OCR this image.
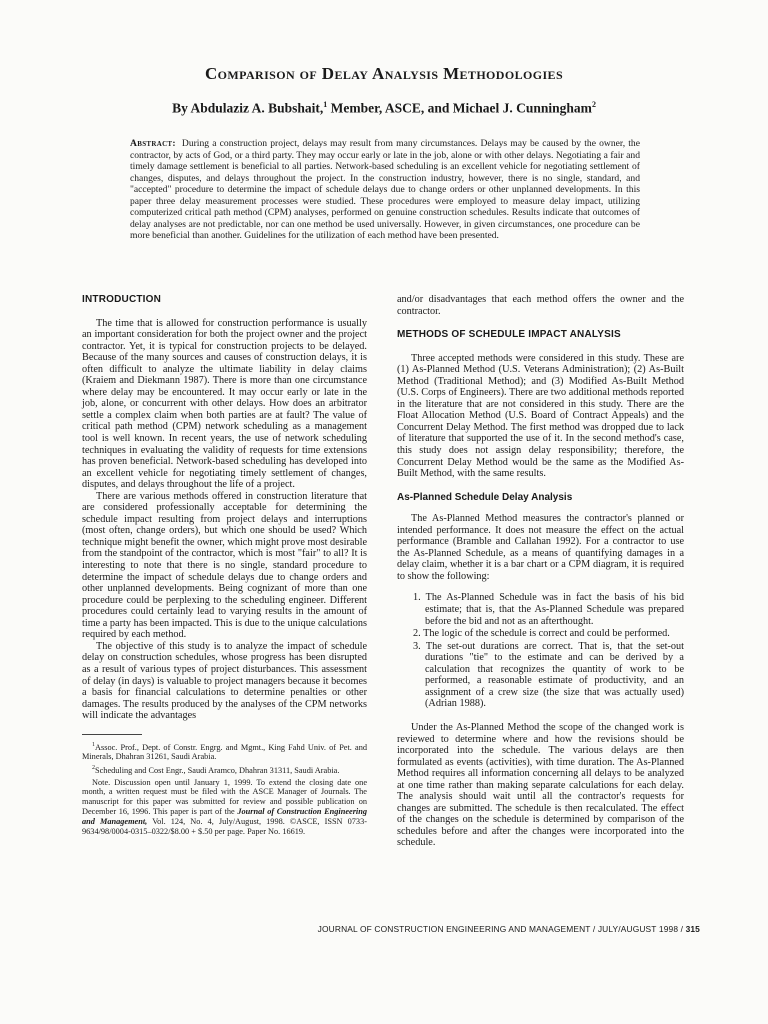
Comparison of Delay Analysis Methodologies
By Abdulaziz A. Bubshait,$^1$ Member, ASCE, and Michael J. Cunningham$^2$
Abstract: During a construction project, delays may result from many circumstances. Delays may be caused by the owner, the contractor, by acts of God, or a third party. They may occur early or late in the job, alone or with other delays. Negotiating a fair and timely damage settlement is beneficial to all parties. Network-based scheduling is an excellent vehicle for negotiating settlement of changes, disputes, and delays throughout the project. In the construction industry, however, there is no single, standard, and "accepted" procedure to determine the impact of schedule delays due to change orders or other unplanned developments. In this paper three delay measurement processes were studied. These procedures were employed to measure delay impact, utilizing computerized critical path method (CPM) analyses, performed on genuine construction schedules. Results indicate that outcomes of delay analyses are not predictable, nor can one method be used universally. However, in given circumstances, one procedure can be more beneficial than another. Guidelines for the utilization of each method have been presented.
INTRODUCTION

The time that is allowed for construction performance is usually an important consideration for both the project owner and the project contractor. Yet, it is typical for construction projects to be delayed. Because of the many sources and causes of construction delays, it is often difficult to analyze the ultimate liability in delay claims (Kraiem and Diekmann 1987). There is more than one circumstance where delay may be encountered. It may occur early or late in the job, alone, or concurrent with other delays. How does an arbitrator settle a complex claim when both parties are at fault? The value of critical path method (CPM) network scheduling as a management tool is well known. In recent years, the use of network scheduling techniques in evaluating the validity of requests for time extensions has proven beneficial. Network-based scheduling has developed into an excellent vehicle for negotiating timely settlement of changes, disputes, and delays throughout the life of a project.

There are various methods offered in construction literature that are considered professionally acceptable for determining the schedule impact resulting from project delays and interruptions (most often, change orders), but which one should be used? Which technique might benefit the owner, which might prove most desirable from the standpoint of the contractor, which is most "fair" to all? It is interesting to note that there is no single, standard procedure to determine the impact of schedule delays due to change orders and other unplanned developments. Being cognizant of more than one procedure could be perplexing to the scheduling engineer. Different procedures could certainly lead to varying results in the amount of time a party has been impacted. This is due to the unique calculations required by each method.

The objective of this study is to analyze the impact of schedule delay on construction schedules, whose progress has been disrupted as a result of various types of project disturbances. This assessment of delay (in days) is valuable to project managers because it becomes a basis for financial calculations to determine penalties or other damages. The results produced by the analyses of the CPM networks will indicate the advantages

$^1$Assoc. Prof., Dept. of Constr. Engrg. and Mgmt., King Fahd Univ. of Pet. and Minerals, Dhahran 31261, Saudi Arabia.
$^2$Scheduling and Cost Engr., Saudi Aramco, Dhahran 31311, Saudi Arabia.
Note. Discussion open until January 1, 1999. To extend the closing date one month, a written request must be filed with the ASCE Manager of Journals. The manuscript for this paper was submitted for review and possible publication on December 16, 1996. This paper is part of the Journal of Construction Engineering and Management, Vol. 124, No. 4, July/August, 1998. ©ASCE, ISSN 0733-9634/98/0004-0315–0322/$8.00 + $.50 per page. Paper No. 16619.

and/or disadvantages that each method offers the owner and the contractor.

METHODS OF SCHEDULE IMPACT ANALYSIS

Three accepted methods were considered in this study. These are (1) As-Planned Method (U.S. Veterans Administration); (2) As-Built Method (Traditional Method); and (3) Modified As-Built Method (U.S. Corps of Engineers). There are two additional methods reported in the literature that are not considered in this study. There are the Float Allocation Method (U.S. Board of Contract Appeals) and the Concurrent Delay Method. The first method was dropped due to lack of literature that supported the use of it. In the second method's case, this study does not assign delay responsibility; therefore, the Concurrent Delay Method would be the same as the Modified As-Built Method, with the same results.

As-Planned Schedule Delay Analysis

The As-Planned Method measures the contractor's planned or intended performance. It does not measure the effect on the actual performance (Bramble and Callahan 1992). For a contractor to use the As-Planned Schedule, as a means of quantifying damages in a delay claim, whether it is a bar chart or a CPM diagram, it is required to show the following:

1. The As-Planned Schedule was in fact the basis of his bid estimate; that is, that the As-Planned Schedule was prepared before the bid and not as an afterthought.
2. The logic of the schedule is correct and could be performed.
3. The set-out durations are correct. That is, that the set-out durations "tie" to the estimate and can be derived by a calculation that recognizes the quantity of work to be performed, a reasonable estimate of productivity, and an assignment of a crew size (the size that was actually used) (Adrian 1988).

Under the As-Planned Method the scope of the changed work is reviewed to determine where and how the revisions should be incorporated into the schedule. The various delays are then formulated as events (activities), with time duration. The As-Planned Method requires all information concerning all delays to be analyzed at one time rather than making separate calculations for each delay. The analysis should wait until all the contractor's requests for changes are submitted. The schedule is then recalculated. The effect of the changes on the schedule is determined by comparison of the schedules before and after the changes were incorporated into the schedule.

JOURNAL OF CONSTRUCTION ENGINEERING AND MANAGEMENT / JULY/AUGUST 1998 / 315
